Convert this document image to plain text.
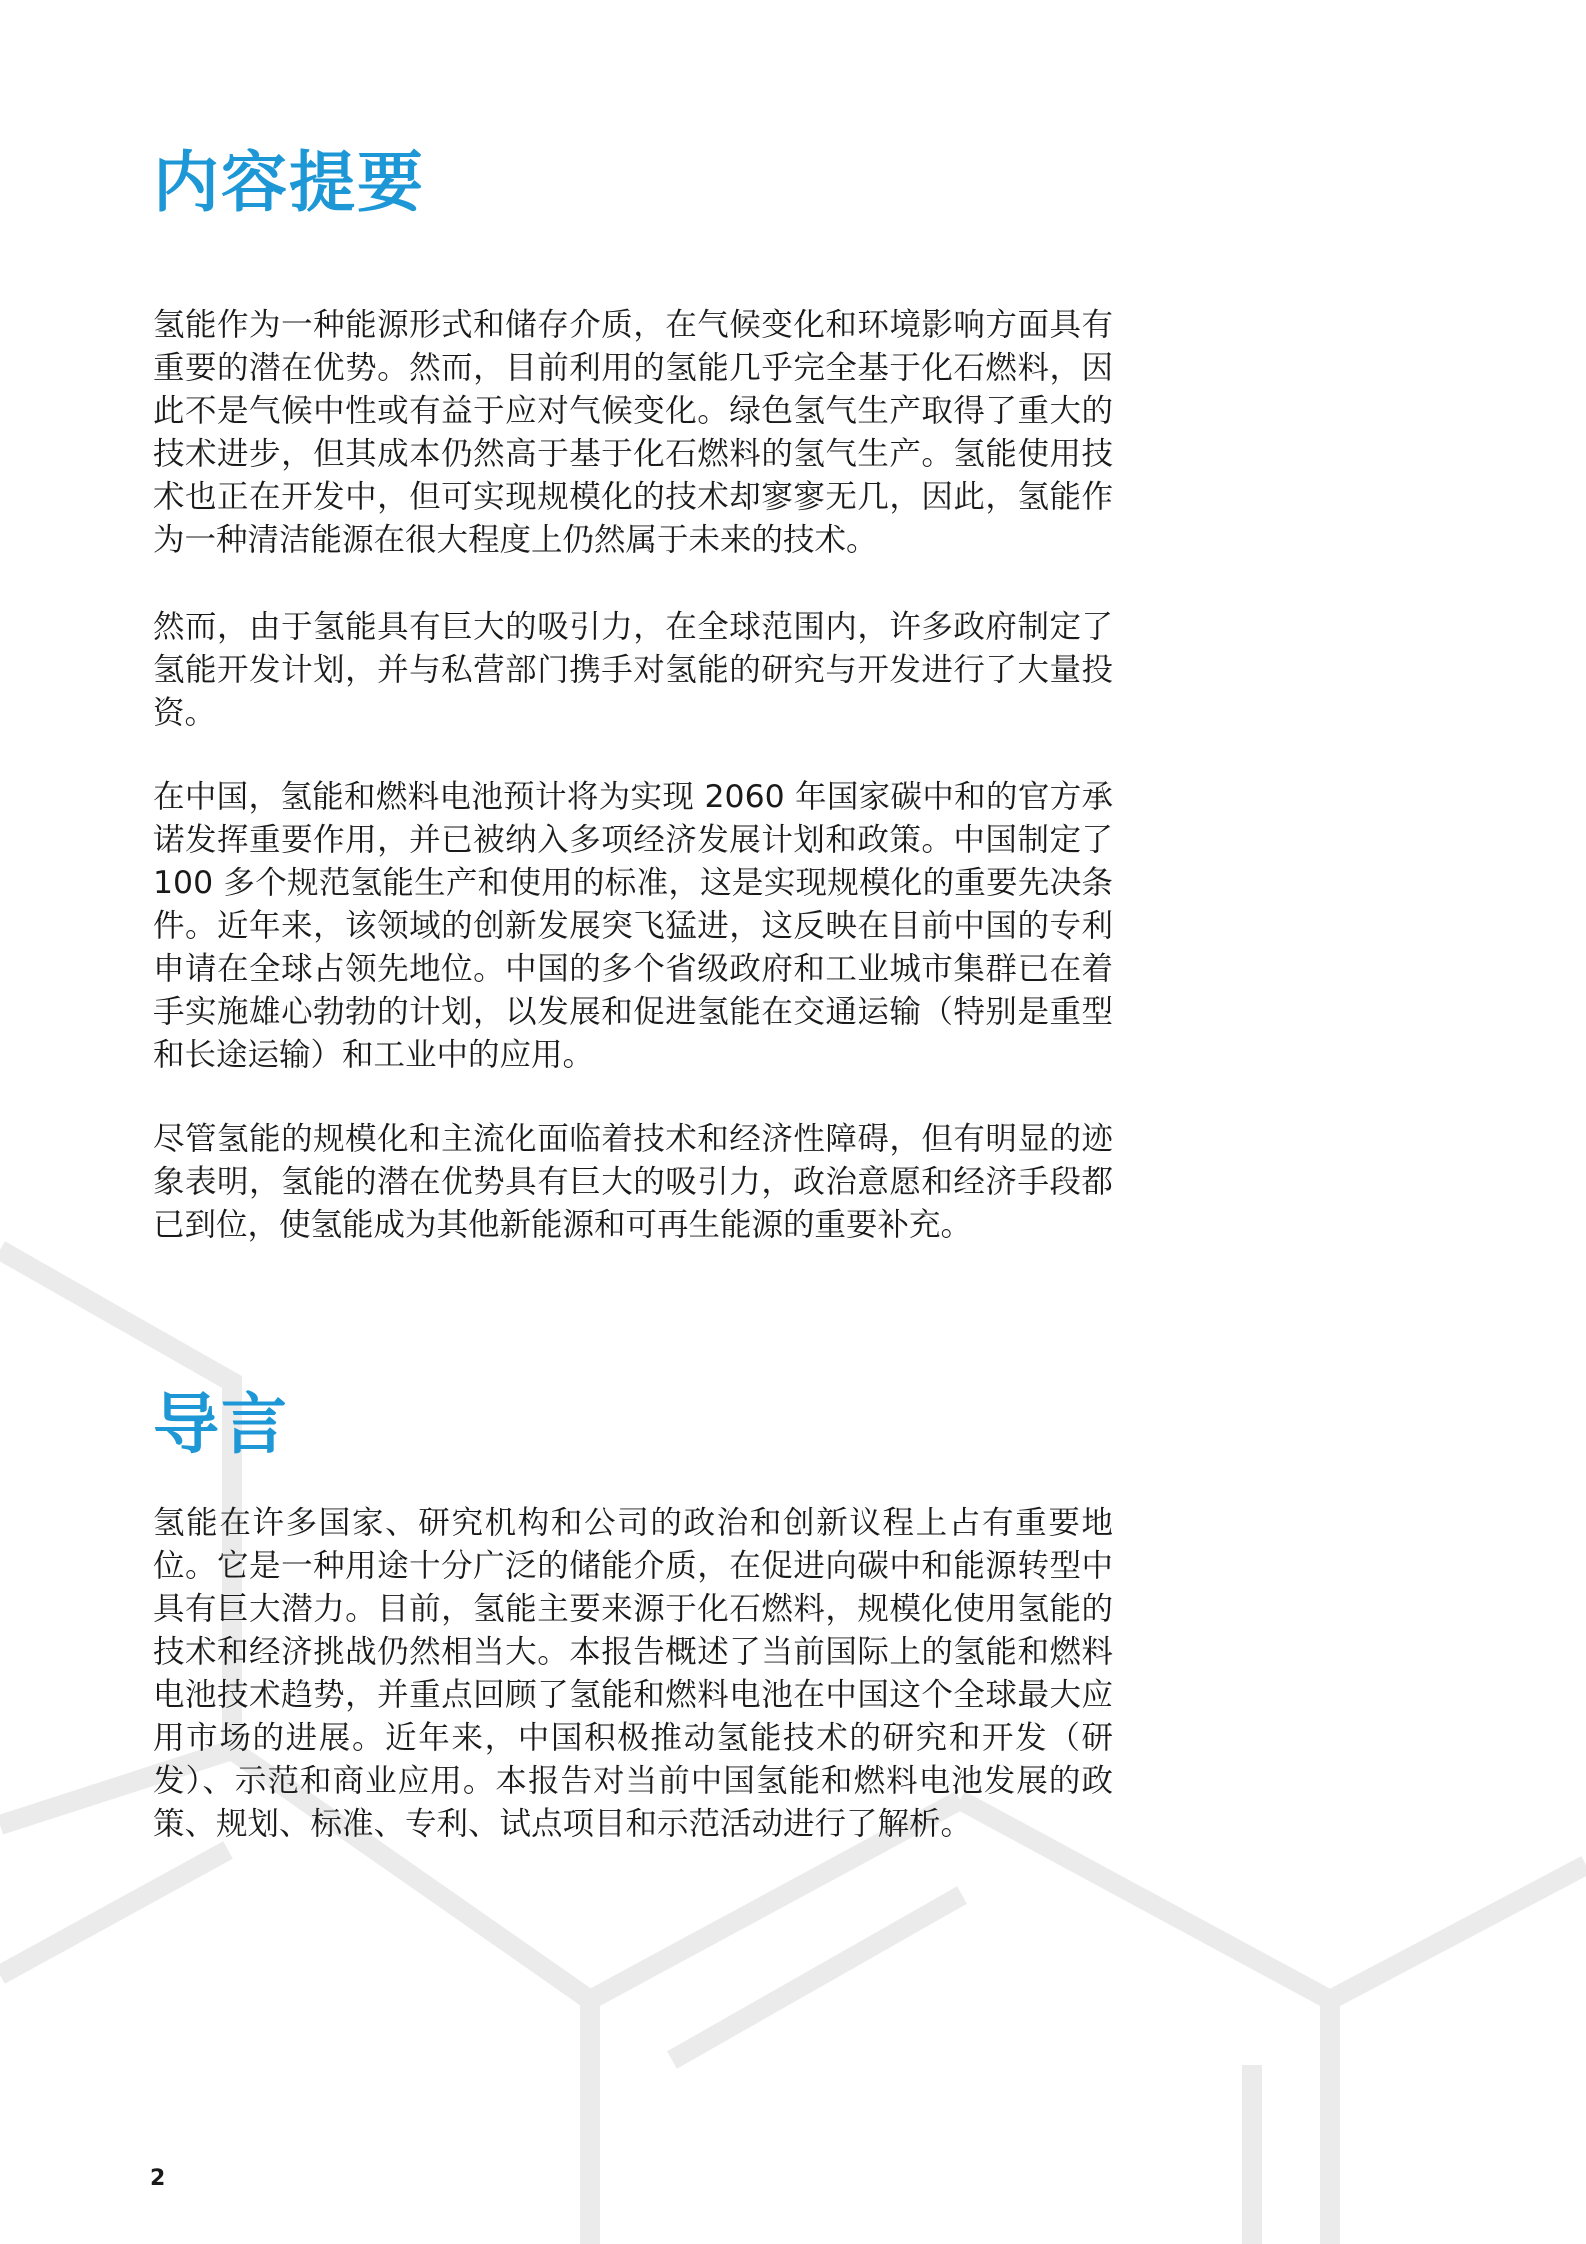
内容提要

氢能作为一种能源形式和储存介质，在气候变化和环境影响方面具有重要的潜在优势。然而，目前利用的氢能几乎完全基于化石燃料，因此不是气候中性或有益于应对气候变化。绿色氢气生产取得了重大的技术进步，但其成本仍然高于基于化石燃料的氢气生产。氢能使用技术也正在开发中，但可实现规模化的技术却寥寥无几，因此，氢能作为一种清洁能源在很大程度上仍然属于未来的技术。

然而，由于氢能具有巨大的吸引力，在全球范围内，许多政府制定了氢能开发计划，并与私营部门携手对氢能的研究与开发进行了大量投资。

在中国，氢能和燃料电池预计将为实现 2060 年国家碳中和的官方承诺发挥重要作用，并已被纳入多项经济发展计划和政策。中国制定了 100 多个规范氢能生产和使用的标准，这是实现规模化的重要先决条件。近年来，该领域的创新发展突飞猛进，这反映在目前中国的专利申请在全球占领先地位。中国的多个省级政府和工业城市集群已在着手实施雄心勃勃的计划，以发展和促进氢能在交通运输（特别是重型和长途运输）和工业中的应用。

尽管氢能的规模化和主流化面临着技术和经济性障碍，但有明显的迹象表明，氢能的潜在优势具有巨大的吸引力，政治意愿和经济手段都已到位，使氢能成为其他新能源和可再生能源的重要补充。

导言

氢能在许多国家、研究机构和公司的政治和创新议程上占有重要地位。它是一种用途十分广泛的储能介质，在促进向碳中和能源转型中具有巨大潜力。目前，氢能主要来源于化石燃料，规模化使用氢能的技术和经济挑战仍然相当大。本报告概述了当前国际上的氢能和燃料电池技术趋势，并重点回顾了氢能和燃料电池在中国这个全球最大应用市场的进展。近年来，中国积极推动氢能技术的研究和开发（研发）、示范和商业应用。本报告对当前中国氢能和燃料电池发展的政策、规划、标准、专利、试点项目和示范活动进行了解析。

2
